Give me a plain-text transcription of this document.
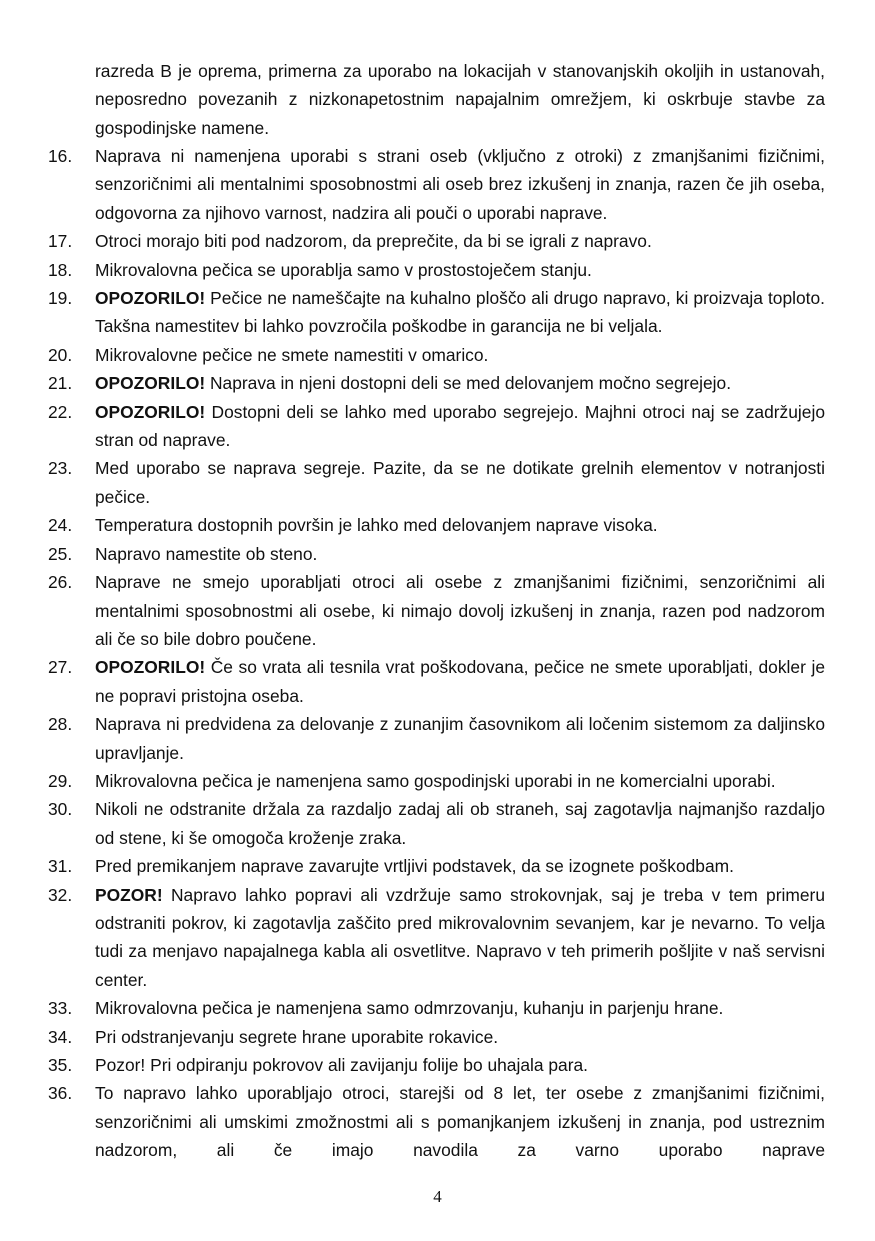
razreda B je oprema, primerna za uporabo na lokacijah v stanovanjskih okoljih in ustanovah, neposredno povezanih z nizkonapetostnim napajalnim omrežjem, ki oskrbuje stavbe za gospodinjske namene.
16.	Naprava ni namenjena uporabi s strani oseb (vključno z otroki) z zmanjšanimi fizičnimi, senzoričnimi ali mentalnimi sposobnostmi ali oseb brez izkušenj in znanja, razen če jih oseba, odgovorna za njihovo varnost, nadzira ali pouči o uporabi naprave.
17.	Otroci morajo biti pod nadzorom, da preprečite, da bi se igrali z napravo.
18.	Mikrovalovna pečica se uporablja samo v prostostoječem stanju.
19.	OPOZORILO! Pečice ne nameščajte na kuhalno ploščo ali drugo napravo, ki proizvaja toploto. Takšna namestitev bi lahko povzročila poškodbe in garancija ne bi veljala.
20.	Mikrovalovne pečice ne smete namestiti v omarico.
21.	OPOZORILO! Naprava in njeni dostopni deli se med delovanjem močno segrejejo.
22.	OPOZORILO! Dostopni deli se lahko med uporabo segrejejo. Majhni otroci naj se zadržujejo stran od naprave.
23.	Med uporabo se naprava segreje. Pazite, da se ne dotikate grelnih elementov v notranjosti pečice.
24.	Temperatura dostopnih površin je lahko med delovanjem naprave visoka.
25.	Napravo namestite ob steno.
26.	Naprave ne smejo uporabljati otroci ali osebe z zmanjšanimi fizičnimi, senzoričnimi ali mentalnimi sposobnostmi ali osebe, ki nimajo dovolj izkušenj in znanja, razen pod nadzorom ali če so bile dobro poučene.
27.	OPOZORILO! Če so vrata ali tesnila vrat poškodovana, pečice ne smete uporabljati, dokler je ne popravi pristojna oseba.
28.	Naprava ni predvidena za delovanje z zunanjim časovnikom ali ločenim sistemom za daljinsko upravljanje.
29.	Mikrovalovna pečica je namenjena samo gospodinjski uporabi in ne komercialni uporabi.
30.	Nikoli ne odstranite držala za razdaljo zadaj ali ob straneh, saj zagotavlja najmanjšo razdaljo od stene, ki še omogoča kroženje zraka.
31.	Pred premikanjem naprave zavarujte vrtljivi podstavek, da se izognete poškodbam.
32.	POZOR! Napravo lahko popravi ali vzdržuje samo strokovnjak, saj je treba v tem primeru odstraniti pokrov, ki zagotavlja zaščito pred mikrovalovnim sevanjem, kar je nevarno. To velja tudi za menjavo napajalnega kabla ali osvetlitve. Napravo v teh primerih pošljite v naš servisni center.
33.	Mikrovalovna pečica je namenjena samo odmrzovanju, kuhanju in parjenju hrane.
34.	Pri odstranjevanju segrete hrane uporabite rokavice.
35.	Pozor! Pri odpiranju pokrovov ali zavijanju folije bo uhajala para.
36.	To napravo lahko uporabljajo otroci, starejši od 8 let, ter osebe z zmanjšanimi fizičnimi, senzoričnimi ali umskimi zmožnostmi ali s pomanjkanjem izkušenj in znanja, pod ustreznim nadzorom, ali če imajo navodila za varno uporabo naprave
4
